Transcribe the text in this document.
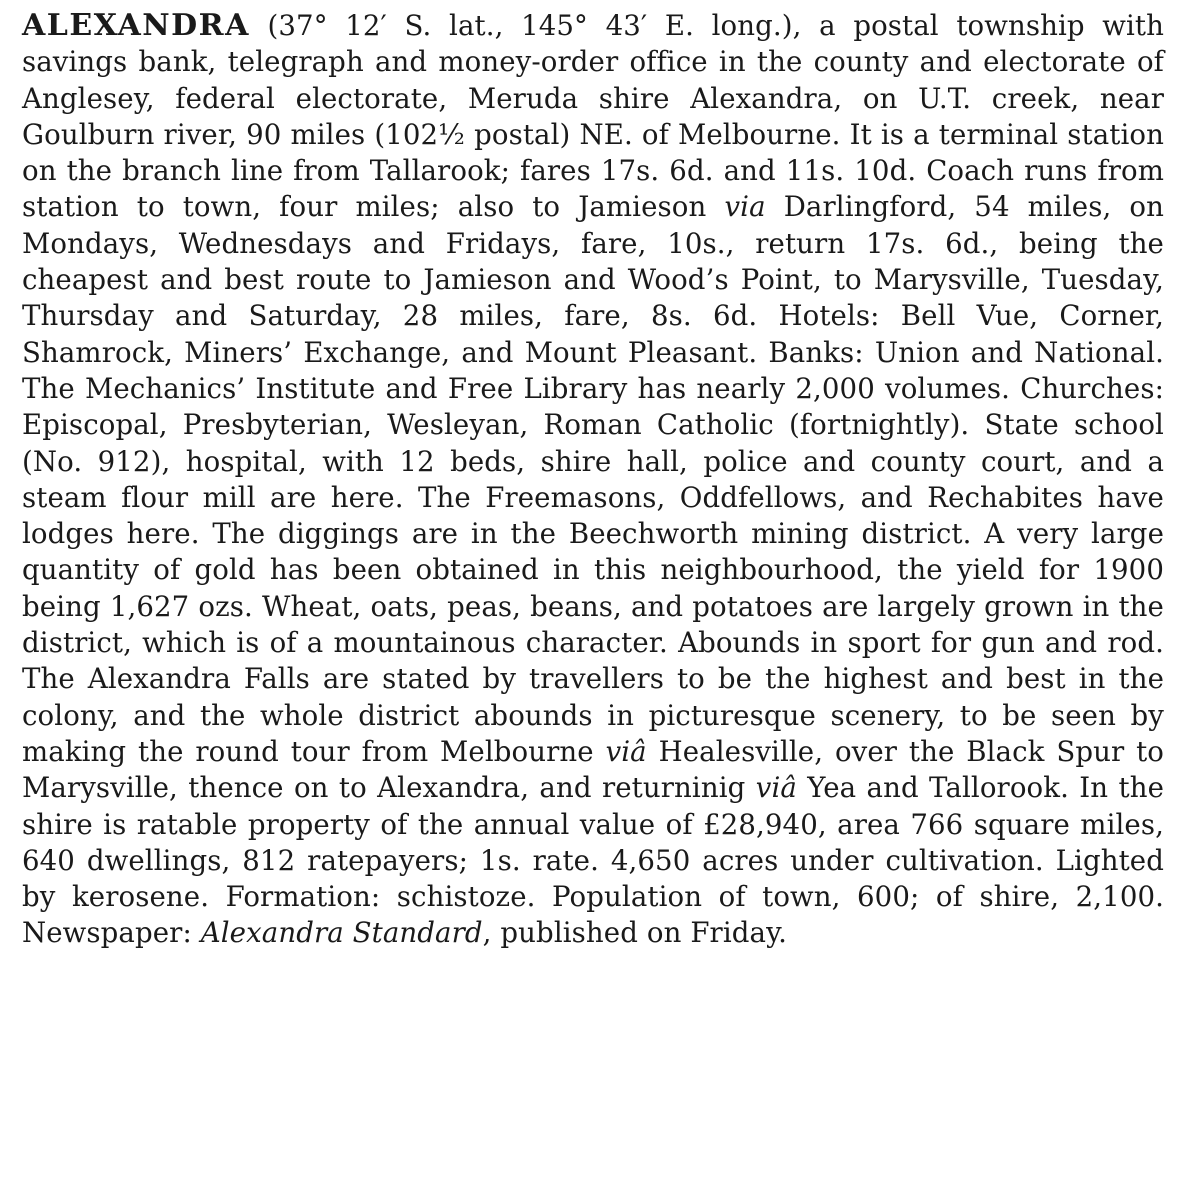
ALEXANDRA (37° 12′ S. lat., 145° 43′ E. long.), a postal township with savings bank, telegraph and money-order office in the county and electorate of Anglesey, federal electorate, Meruda shire Alexandra, on U.T. creek, near Goulburn river, 90 miles (102½ postal) NE. of Melbourne. It is a terminal station on the branch line from Tallarook; fares 17s. 6d. and 11s. 10d. Coach runs from station to town, four miles; also to Jamieson via Darlingford, 54 miles, on Mondays, Wednesdays and Fridays, fare, 10s., return 17s. 6d., being the cheapest and best route to Jamieson and Wood’s Point, to Marysville, Tuesday, Thursday and Saturday, 28 miles, fare, 8s. 6d. Hotels: Bell Vue, Corner, Shamrock, Miners’ Exchange, and Mount Pleasant. Banks: Union and National. The Mechanics’ Institute and Free Library has nearly 2,000 volumes. Churches: Episcopal, Presbyterian, Wesleyan, Roman Catholic (fortnightly). State school (No. 912), hospital, with 12 beds, shire hall, police and county court, and a steam flour mill are here. The Freemasons, Oddfellows, and Rechabites have lodges here. The diggings are in the Beechworth mining district. A very large quantity of gold has been obtained in this neighbourhood, the yield for 1900 being 1,627 ozs. Wheat, oats, peas, beans, and potatoes are largely grown in the district, which is of a mountainous character. Abounds in sport for gun and rod. The Alexandra Falls are stated by travellers to be the highest and best in the colony, and the whole district abounds in picturesque scenery, to be seen by making the round tour from Melbourne viâ Healesville, over the Black Spur to Marysville, thence on to Alexandra, and returninig viâ Yea and Tallorook. In the shire is ratable property of the annual value of £28,940, area 766 square miles, 640 dwellings, 812 ratepayers; 1s. rate. 4,650 acres under cultivation. Lighted by kerosene. Formation: schistoze. Population of town, 600; of shire, 2,100. Newspaper: Alexandra Standard, published on Friday.
